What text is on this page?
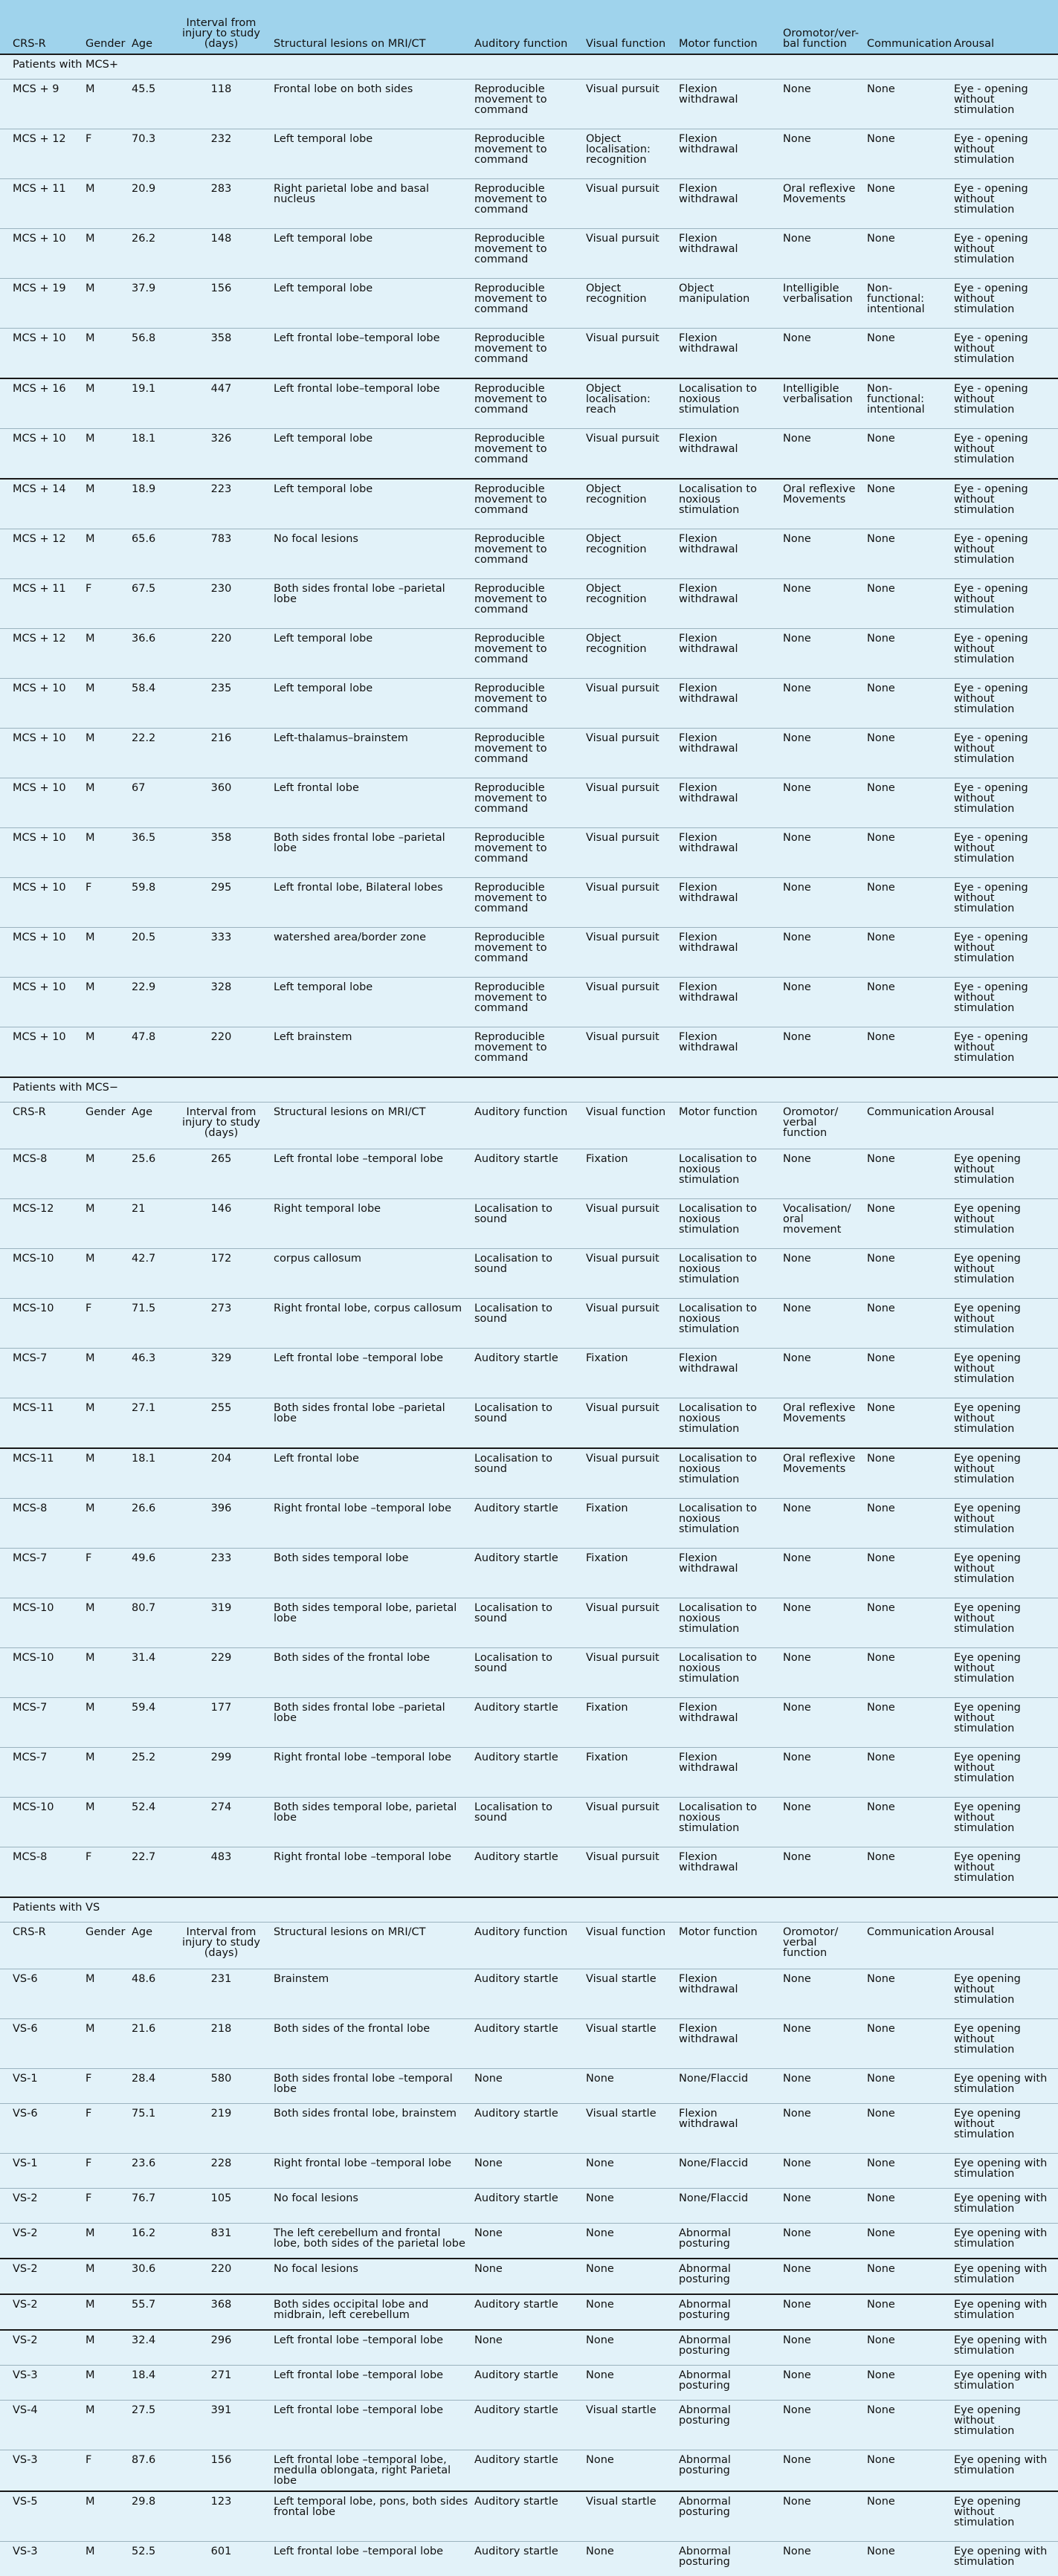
CRS-R	Gender	Age	Interval from injury to study (days)	Structural lesions on MRI/CT	Auditory function	Visual function	Motor function	Oromotor/ver-bal function	Communication	Arousal
Patients with MCS+										
MCS + 9	M	45.5	118	Frontal lobe on both sides	Reproducible movement to command	Visual pursuit	Flexion withdrawal	None	None	Eye - opening without stimulation
MCS + 12	F	70.3	232	Left temporal lobe	Reproducible movement to command	Object localisation: recognition	Flexion withdrawal	None	None	Eye - opening without stimulation
MCS + 11	M	20.9	283	Right parietal lobe and basal nucleus	Reproducible movement to command	Visual pursuit	Flexion withdrawal	Oral reflexive Movements	None	Eye - opening without stimulation
MCS + 10	M	26.2	148	Left temporal lobe	Reproducible movement to command	Visual pursuit	Flexion withdrawal	None	None	Eye - opening without stimulation
MCS + 19	M	37.9	156	Left temporal lobe	Reproducible movement to command	Object recognition	Object manipulation	Intelligible verbalisation	Non-functional: intentional	Eye - opening without stimulation
MCS + 10	M	56.8	358	Left frontal lobe–temporal lobe	Reproducible movement to command	Visual pursuit	Flexion withdrawal	None	None	Eye - opening without stimulation
MCS + 16	M	19.1	447	Left frontal lobe–temporal lobe	Reproducible movement to command	Object localisation: reach	Localisation to noxious stimulation	Intelligible verbalisation	Non-functional: intentional	Eye - opening without stimulation
MCS + 10	M	18.1	326	Left temporal lobe	Reproducible movement to command	Visual pursuit	Flexion withdrawal	None	None	Eye - opening without stimulation
MCS + 14	M	18.9	223	Left temporal lobe	Reproducible movement to command	Object recognition	Localisation to noxious stimulation	Oral reflexive Movements	None	Eye - opening without stimulation
MCS + 12	M	65.6	783	No focal lesions	Reproducible movement to command	Object recognition	Flexion withdrawal	None	None	Eye - opening without stimulation
MCS + 11	F	67.5	230	Both sides frontal lobe –parietal lobe	Reproducible movement to command	Object recognition	Flexion withdrawal	None	None	Eye - opening without stimulation
MCS + 12	M	36.6	220	Left temporal lobe	Reproducible movement to command	Object recognition	Flexion withdrawal	None	None	Eye - opening without stimulation
MCS + 10	M	58.4	235	Left temporal lobe	Reproducible movement to command	Visual pursuit	Flexion withdrawal	None	None	Eye - opening without stimulation
MCS + 10	M	22.2	216	Left-thalamus–brainstem	Reproducible movement to command	Visual pursuit	Flexion withdrawal	None	None	Eye - opening without stimulation
MCS + 10	M	67	360	Left frontal lobe	Reproducible movement to command	Visual pursuit	Flexion withdrawal	None	None	Eye - opening without stimulation
MCS + 10	M	36.5	358	Both sides frontal lobe –parietal lobe	Reproducible movement to command	Visual pursuit	Flexion withdrawal	None	None	Eye - opening without stimulation
MCS + 10	F	59.8	295	Left frontal lobe, Bilateral lobes	Reproducible movement to command	Visual pursuit	Flexion withdrawal	None	None	Eye - opening without stimulation
MCS + 10	M	20.5	333	watershed area/border zone	Reproducible movement to command	Visual pursuit	Flexion withdrawal	None	None	Eye - opening without stimulation
MCS + 10	M	22.9	328	Left temporal lobe	Reproducible movement to command	Visual pursuit	Flexion withdrawal	None	None	Eye - opening without stimulation
MCS + 10	M	47.8	220	Left brainstem	Reproducible movement to command	Visual pursuit	Flexion withdrawal	None	None	Eye - opening without stimulation
Patients with MCS−										
CRS-R	Gender	Age	Interval from injury to study (days)	Structural lesions on MRI/CT	Auditory function	Visual function	Motor function	Oromotor/ verbal function	Communication	Arousal
MCS-8	M	25.6	265	Left frontal lobe –temporal lobe	Auditory startle	Fixation	Localisation to noxious stimulation	None	None	Eye opening without stimulation
MCS-12	M	21	146	Right temporal lobe	Localisation to sound	Visual pursuit	Localisation to noxious stimulation	Vocalisation/ oral movement	None	Eye opening without stimulation
MCS-10	M	42.7	172	corpus callosum	Localisation to sound	Visual pursuit	Localisation to noxious stimulation	None	None	Eye opening without stimulation
MCS-10	F	71.5	273	Right frontal lobe, corpus callosum	Localisation to sound	Visual pursuit	Localisation to noxious stimulation	None	None	Eye opening without stimulation
MCS-7	M	46.3	329	Left frontal lobe –temporal lobe	Auditory startle	Fixation	Flexion withdrawal	None	None	Eye opening without stimulation
MCS-11	M	27.1	255	Both sides frontal lobe –parietal lobe	Localisation to sound	Visual pursuit	Localisation to noxious stimulation	Oral reflexive Movements	None	Eye opening without stimulation
MCS-11	M	18.1	204	Left frontal lobe	Localisation to sound	Visual pursuit	Localisation to noxious stimulation	Oral reflexive Movements	None	Eye opening without stimulation
MCS-8	M	26.6	396	Right frontal lobe –temporal lobe	Auditory startle	Fixation	Localisation to noxious stimulation	None	None	Eye opening without stimulation
MCS-7	F	49.6	233	Both sides temporal lobe	Auditory startle	Fixation	Flexion withdrawal	None	None	Eye opening without stimulation
MCS-10	M	80.7	319	Both sides temporal lobe, parietal lobe	Localisation to sound	Visual pursuit	Localisation to noxious stimulation	None	None	Eye opening without stimulation
MCS-10	M	31.4	229	Both sides of the frontal lobe	Localisation to sound	Visual pursuit	Localisation to noxious stimulation	None	None	Eye opening without stimulation
MCS-7	M	59.4	177	Both sides frontal lobe –parietal lobe	Auditory startle	Fixation	Flexion withdrawal	None	None	Eye opening without stimulation
MCS-7	M	25.2	299	Right frontal lobe –temporal lobe	Auditory startle	Fixation	Flexion withdrawal	None	None	Eye opening without stimulation
MCS-10	M	52.4	274	Both sides temporal lobe, parietal lobe	Localisation to sound	Visual pursuit	Localisation to noxious stimulation	None	None	Eye opening without stimulation
MCS-8	F	22.7	483	Right frontal lobe –temporal lobe	Auditory startle	Visual pursuit	Flexion withdrawal	None	None	Eye opening without stimulation
Patients with VS										
CRS-R	Gender	Age	Interval from injury to study (days)	Structural lesions on MRI/CT	Auditory function	Visual function	Motor function	Oromotor/ verbal function	Communication	Arousal
VS-6	M	48.6	231	Brainstem	Auditory startle	Visual startle	Flexion withdrawal	None	None	Eye opening without stimulation
VS-6	M	21.6	218	Both sides of the frontal lobe	Auditory startle	Visual startle	Flexion withdrawal	None	None	Eye opening without stimulation
VS-1	F	28.4	580	Both sides frontal lobe –temporal lobe	None	None	None/Flaccid	None	None	Eye opening with stimulation
VS-6	F	75.1	219	Both sides frontal lobe, brainstem	Auditory startle	Visual startle	Flexion withdrawal	None	None	Eye opening without stimulation
VS-1	F	23.6	228	Right frontal lobe –temporal lobe	None	None	None/Flaccid	None	None	Eye opening with stimulation
VS-2	F	76.7	105	No focal lesions	Auditory startle	None	None/Flaccid	None	None	Eye opening with stimulation
VS-2	M	16.2	831	The left cerebellum and frontal lobe, both sides of the parietal lobe	None	None	Abnormal posturing	None	None	Eye opening with stimulation
VS-2	M	30.6	220	No focal lesions	None	None	Abnormal posturing	None	None	Eye opening with stimulation
VS-2	M	55.7	368	Both sides occipital lobe and midbrain, left cerebellum	Auditory startle	None	Abnormal posturing	None	None	Eye opening with stimulation
VS-2	M	32.4	296	Left frontal lobe –temporal lobe	None	None	Abnormal posturing	None	None	Eye opening with stimulation
VS-3	M	18.4	271	Left frontal lobe –temporal lobe	Auditory startle	None	Abnormal posturing	None	None	Eye opening with stimulation
VS-4	M	27.5	391	Left frontal lobe –temporal lobe	Auditory startle	Visual startle	Abnormal posturing	None	None	Eye opening without stimulation
VS-3	F	87.6	156	Left frontal lobe –temporal lobe, medulla oblongata, right Parietal lobe	Auditory startle	None	Abnormal posturing	None	None	Eye opening with stimulation
VS-5	M	29.8	123	Left temporal lobe, pons, both sides frontal lobe	Auditory startle	Visual startle	Abnormal posturing	None	None	Eye opening without stimulation
VS-3	M	52.5	601	Left frontal lobe –temporal lobe	Auditory startle	None	Abnormal posturing	None	None	Eye opening with stimulation
